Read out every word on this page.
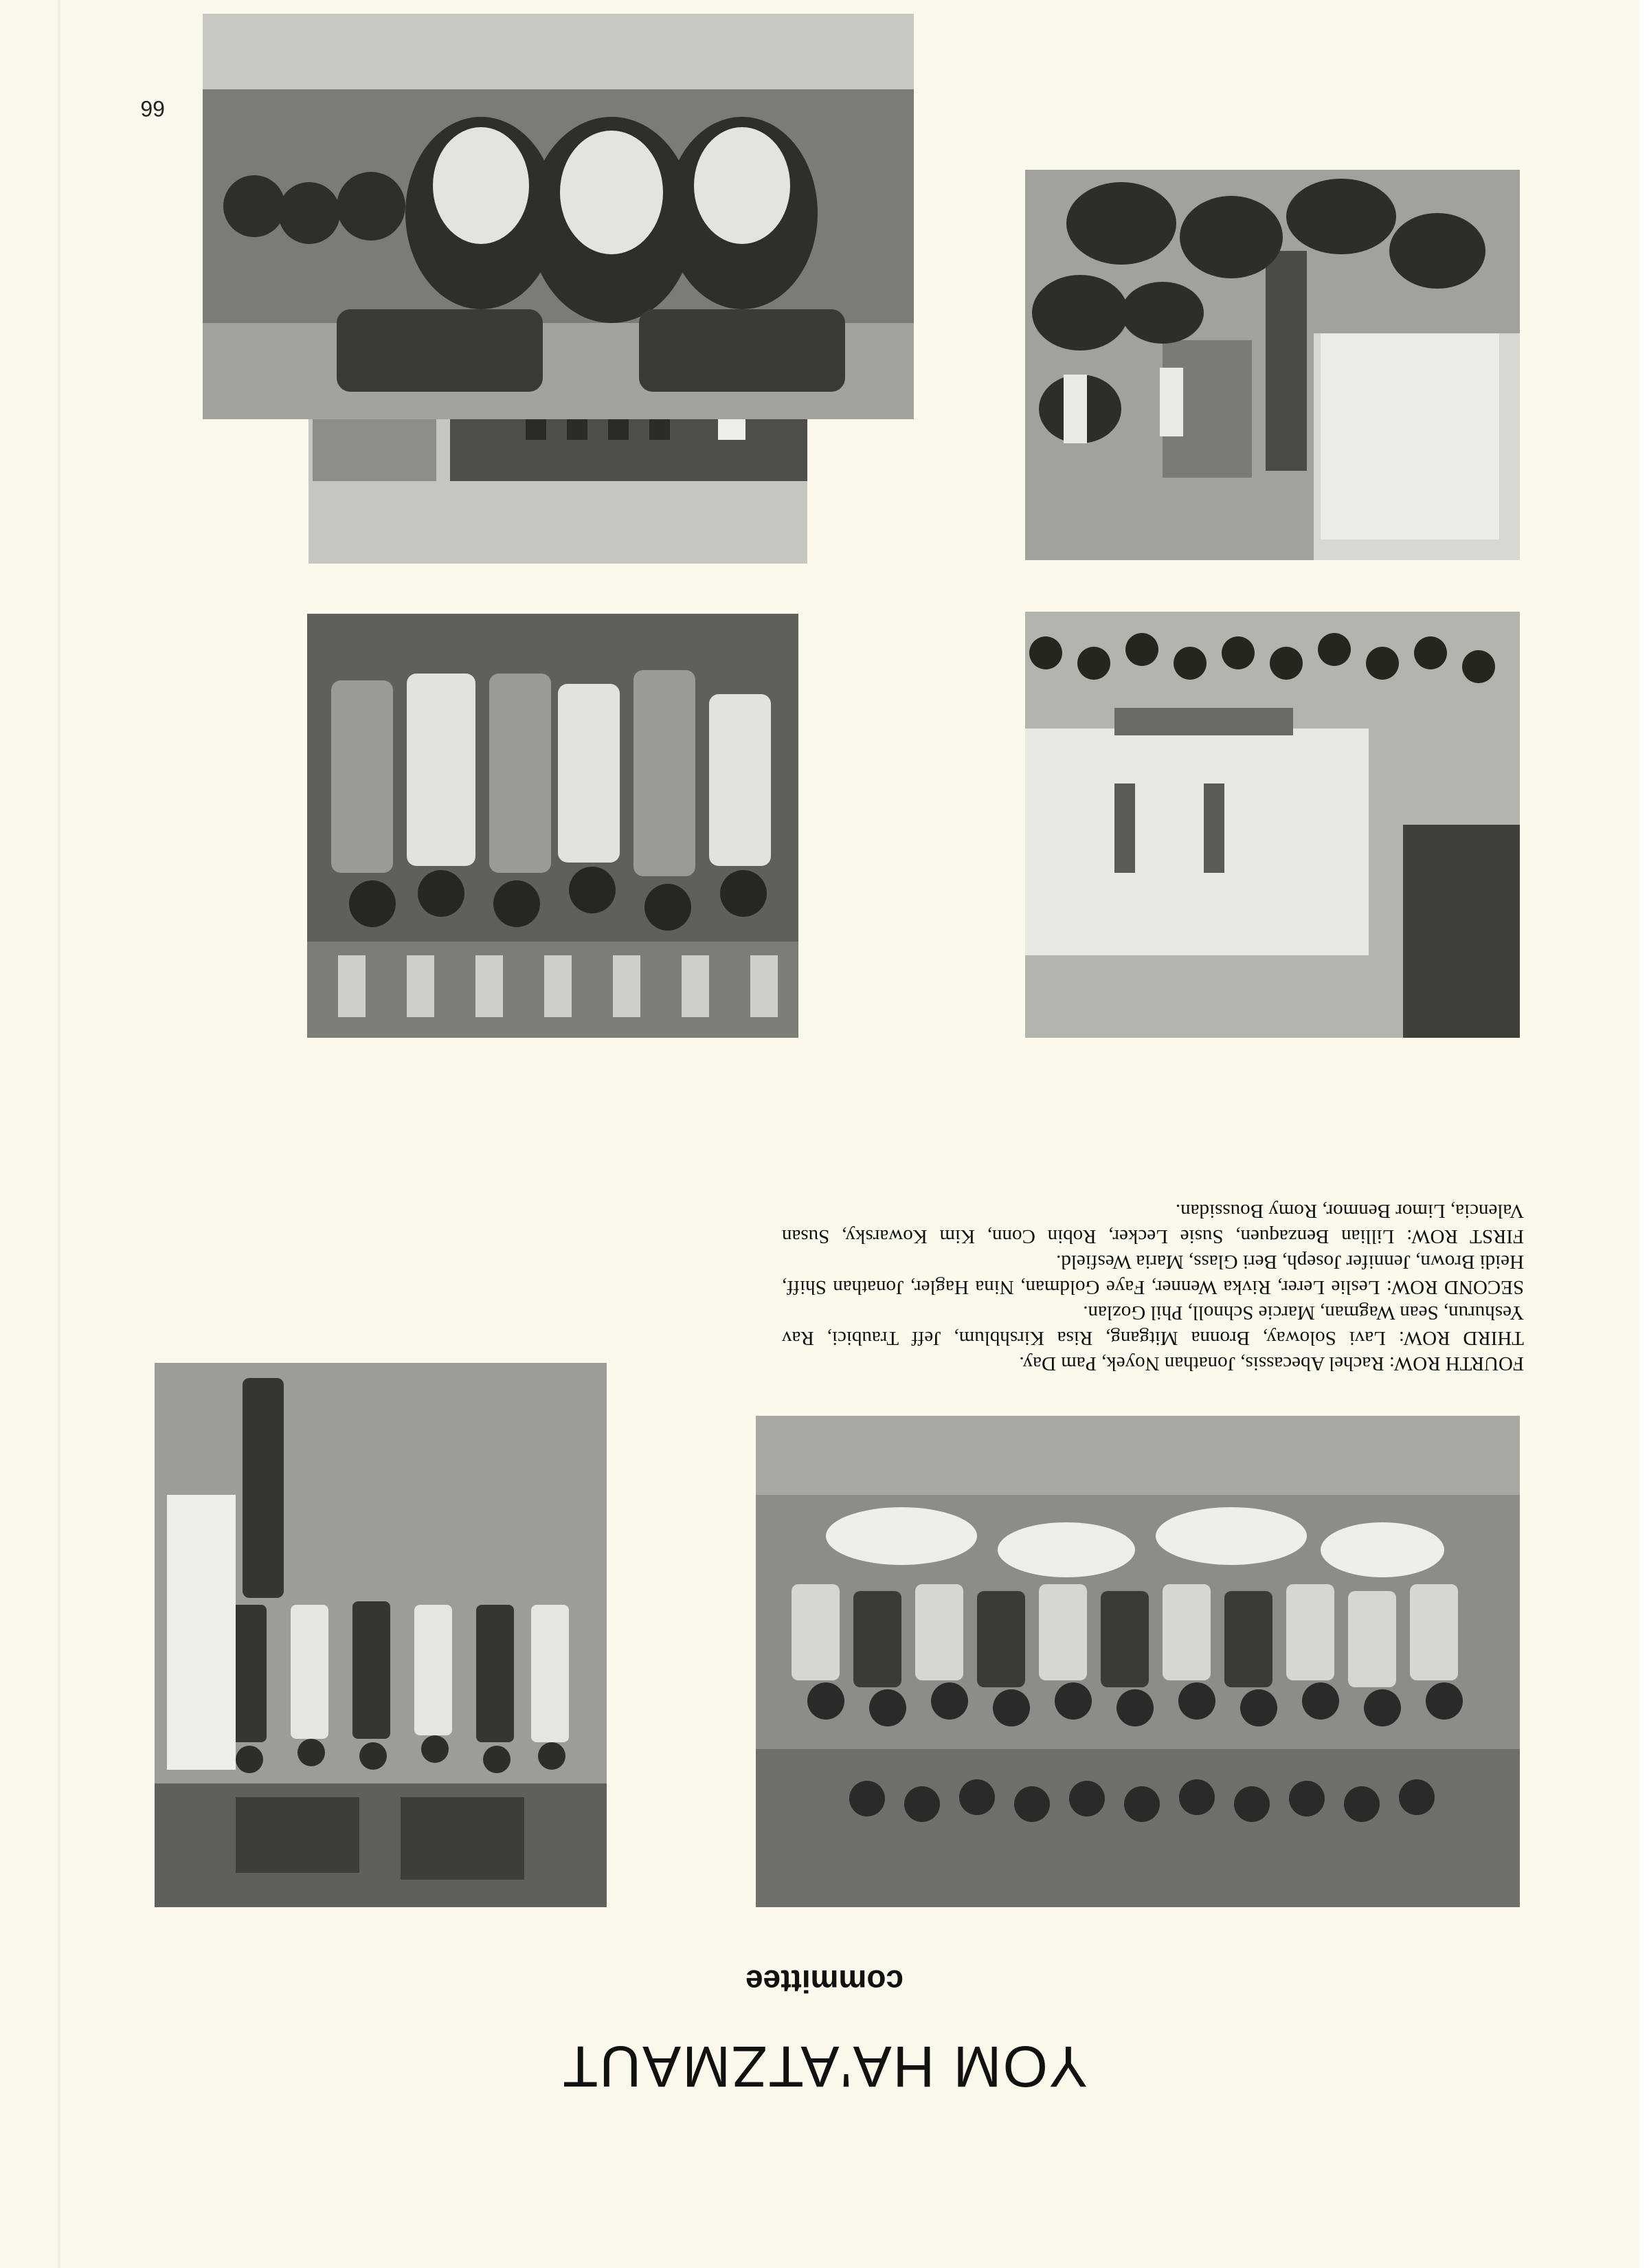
66
YOM HA'ATZMAUT
committee

FOURTH ROW: Rachel Abecassis, Jonathan Noyek, Pam Day.

THIRD ROW: Lavi Soloway, Bronna Mitgang, Risa Kirshblum, Jeff Traubici, Rav Yeshurun, Sean Wagman, Marcie Schnoll, Phil Gozlan.

SECOND ROW: Leslie Lerer, Rivka Wenner, Faye Goldman, Nina Hagler, Jonathan Shiff, Heidi Brown, Jennifer Joseph, Beri Glass, Maria Wesfield.

FIRST ROW: Lillian Benzaquen, Susie Lecker, Robin Conn, Kim Kowarsky, Susan Valencia, Limor Benmor, Romy Boussidan.
